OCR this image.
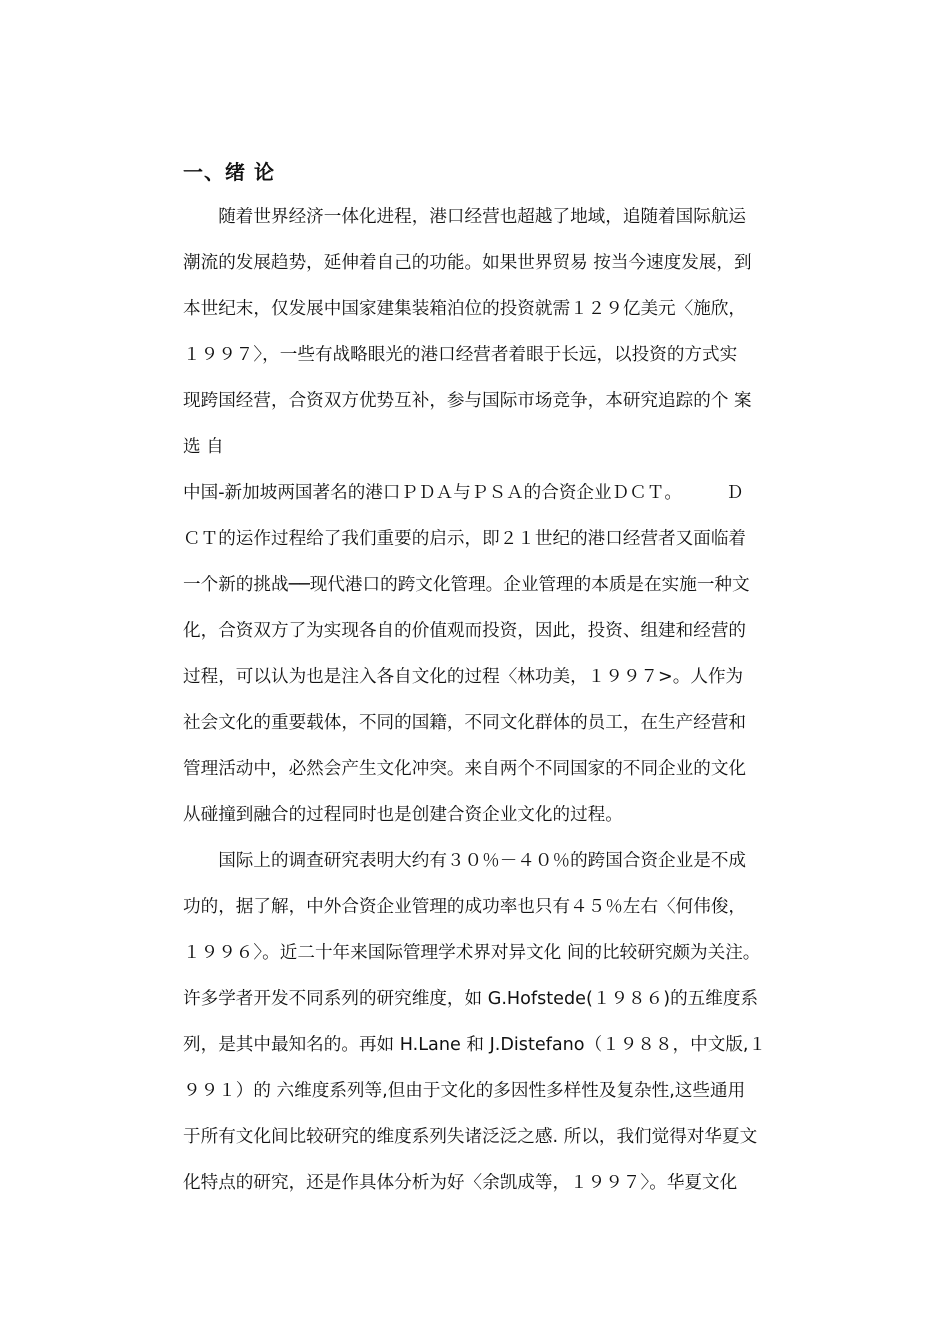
一、绪 论

　　随着世界经济一体化进程，港口经营也超越了地域，追随着国际航运

潮流的发展趋势，延伸着自己的功能。如果世界贸易 按当今速度发展，到

本世纪末，仅发展中国家建集装箱泊位的投资就需１２９亿美元〈施欣，

１９９７〉，一些有战略眼光的港口经营者着眼于长远，以投资的方式实

现跨国经营，合资双方优势互补，参与国际市场竞争，本研究追踪的个 案

选 自

中国-新加坡两国著名的港口ＰＤＡ与ＰＳＡ的合资企业ＤＣＴ。　　　Ｄ

ＣＴ的运作过程给了我们重要的启示，即２１世纪的港口经营者又面临着

一个新的挑战──现代港口的跨文化管理。企业管理的本质是在实施一种文

化，合资双方了为实现各自的价值观而投资，因此，投资、组建和经营的

过程，可以认为也是注入各自文化的过程〈林功美，１９９７>。人作为

社会文化的重要载体，不同的国籍，不同文化群体的员工，在生产经营和

管理活动中，必然会产生文化冲突。来自两个不同国家的不同企业的文化

从碰撞到融合的过程同时也是创建合资企业文化的过程。

　　国际上的调查研究表明大约有３０％－４０％的跨国合资企业是不成

功的，据了解，中外合资企业管理的成功率也只有４５％左右〈何伟俊，

１９９６〉。近二十年来国际管理学术界对异文化 间的比较研究颇为关注。

许多学者开发不同系列的研究维度，如 G.Hofstede(１９８６)的五维度系

列，是其中最知名的。再如 H.Lane 和 J.Distefano（１９８８，中文版,１

９９１）的 六维度系列等,但由于文化的多因性多样性及复杂性,这些通用

于所有文化间比较研究的维度系列失诸泛泛之感. 所以，我们觉得对华夏文

化特点的研究，还是作具体分析为好〈余凯成等，１９９７〉。华夏文化
